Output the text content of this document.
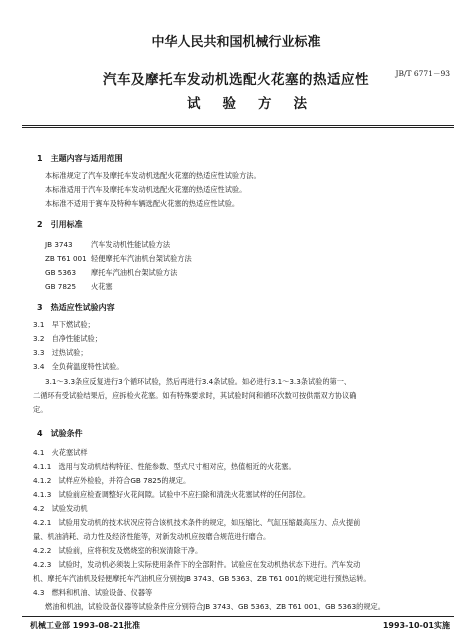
中华人民共和国机械行业标准
汽车及摩托车发动机选配火花塞的热适应性	JB/T 6771－93
试验方法
1　主题内容与适用范围
本标准规定了汽车及摩托车发动机选配火花塞的热适应性试验方法。
本标准适用于汽车及摩托车发动机选配火花塞的热适应性试验。
本标准不适用于赛车及特种车辆选配火花塞的热适应性试验。
2　引用标准
JB 3743	汽车发动机性能试验方法
ZB T61 001 轻便摩托车汽油机台架试验方法
GB 5363 摩托车汽油机台架试验方法
GB 7825 火花塞
3　热适应性试验内容
3.1　早下燃试验；
3.2　自净性能试验；
3.3　过热试验；
3.4　全负荷温度特性试验。
3.1～3.3条应反复进行3个循环试验，然后再进行3.4条试验。如必进行3.1～3.3条试验的第一、
二循环有受试验结果后，应拆检火花塞。如有特殊要求时，其试验时间和循环次数可按供需双方协议确
定。
4　试验条件
4.1　火花塞试样
4.1.1　选用与发动机结构特征、性能参数、型式尺寸相对应，热值相近的火花塞。
4.1.2　试样应外检验，并符合GB 7825的规定。
4.1.3　试验前应检查调整好火花间隙。试验中不应扫除和清洗火花塞试样的任何部位。
4.2　试验发动机
4.2.1　试验用发动机的技术状况应符合该机技术条件的规定，如压缩比、气缸压缩最高压力、点火提前
量、机油消耗、动力性及经济性能等，对新发动机应按磨合规范进行磨合。
4.2.2　试验前，应将积发及燃烧室的积炭清除干净。
4.2.3　试验时，发动机必须装上实际使用条件下的全部附件。试验应在发动机热状态下进行。汽车发动
机、摩托车汽油机及轻便摩托车汽油机应分别按JB 3743、GB 5363、ZB T61 001的规定进行预热运转。
4.3　燃料和机油、试验设备、仪器等
燃油和机油，试验设备仪器等试验条件应分别符合JB 3743、GB 5363、ZB T61 001、GB 5363的规定。
机械工业部 1993-08-21批准	1993-10-01实施
